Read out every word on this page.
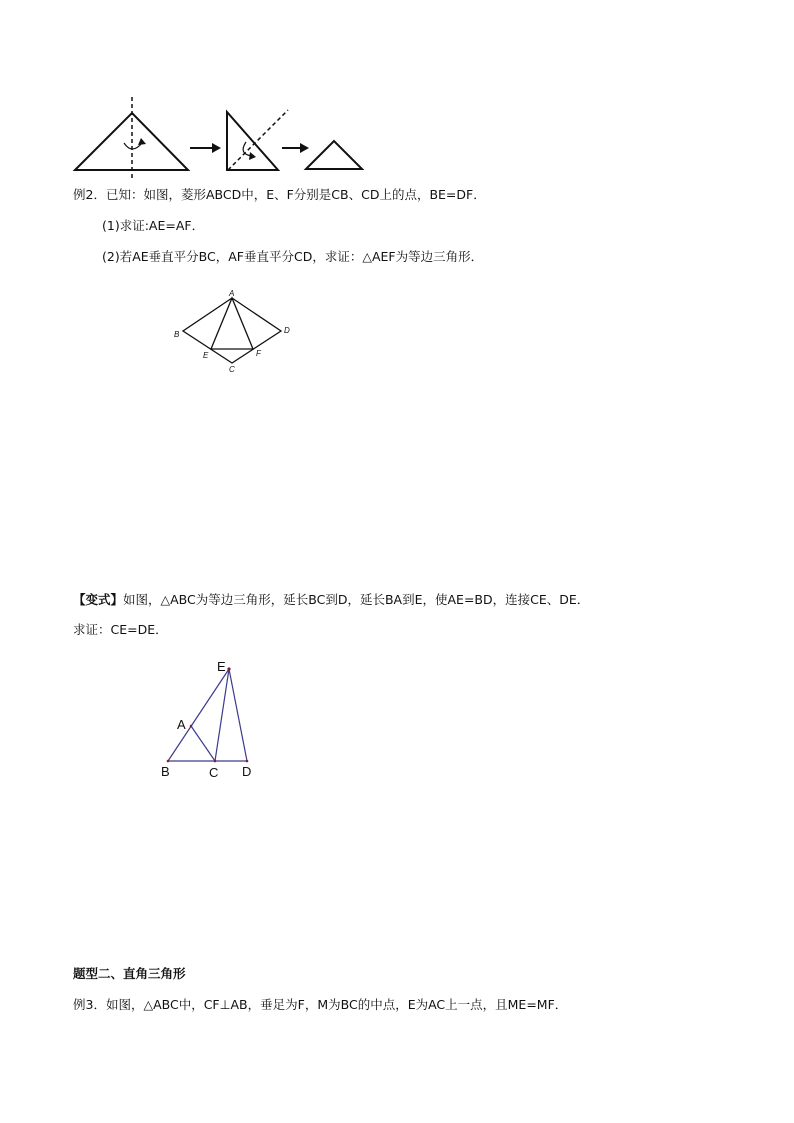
例2．已知：如图，菱形ABCD中，E、F分别是CB、CD上的点，BE=DF．
(1)求证:AE=AF．
(2)若AE垂直平分BC，AF垂直平分CD，求证：△AEF为等边三角形．
A
B	D
E	F
C
【变式】如图，△ABC为等边三角形，延长BC到D，延长BA到E，使AE=BD，连接CE、DE．
求证：CE=DE．
E
A
B	C D
题型二、直角三角形
例3．如图，△ABC中，CF⊥AB，垂足为F，M为BC的中点，E为AC上一点，且ME=MF．
